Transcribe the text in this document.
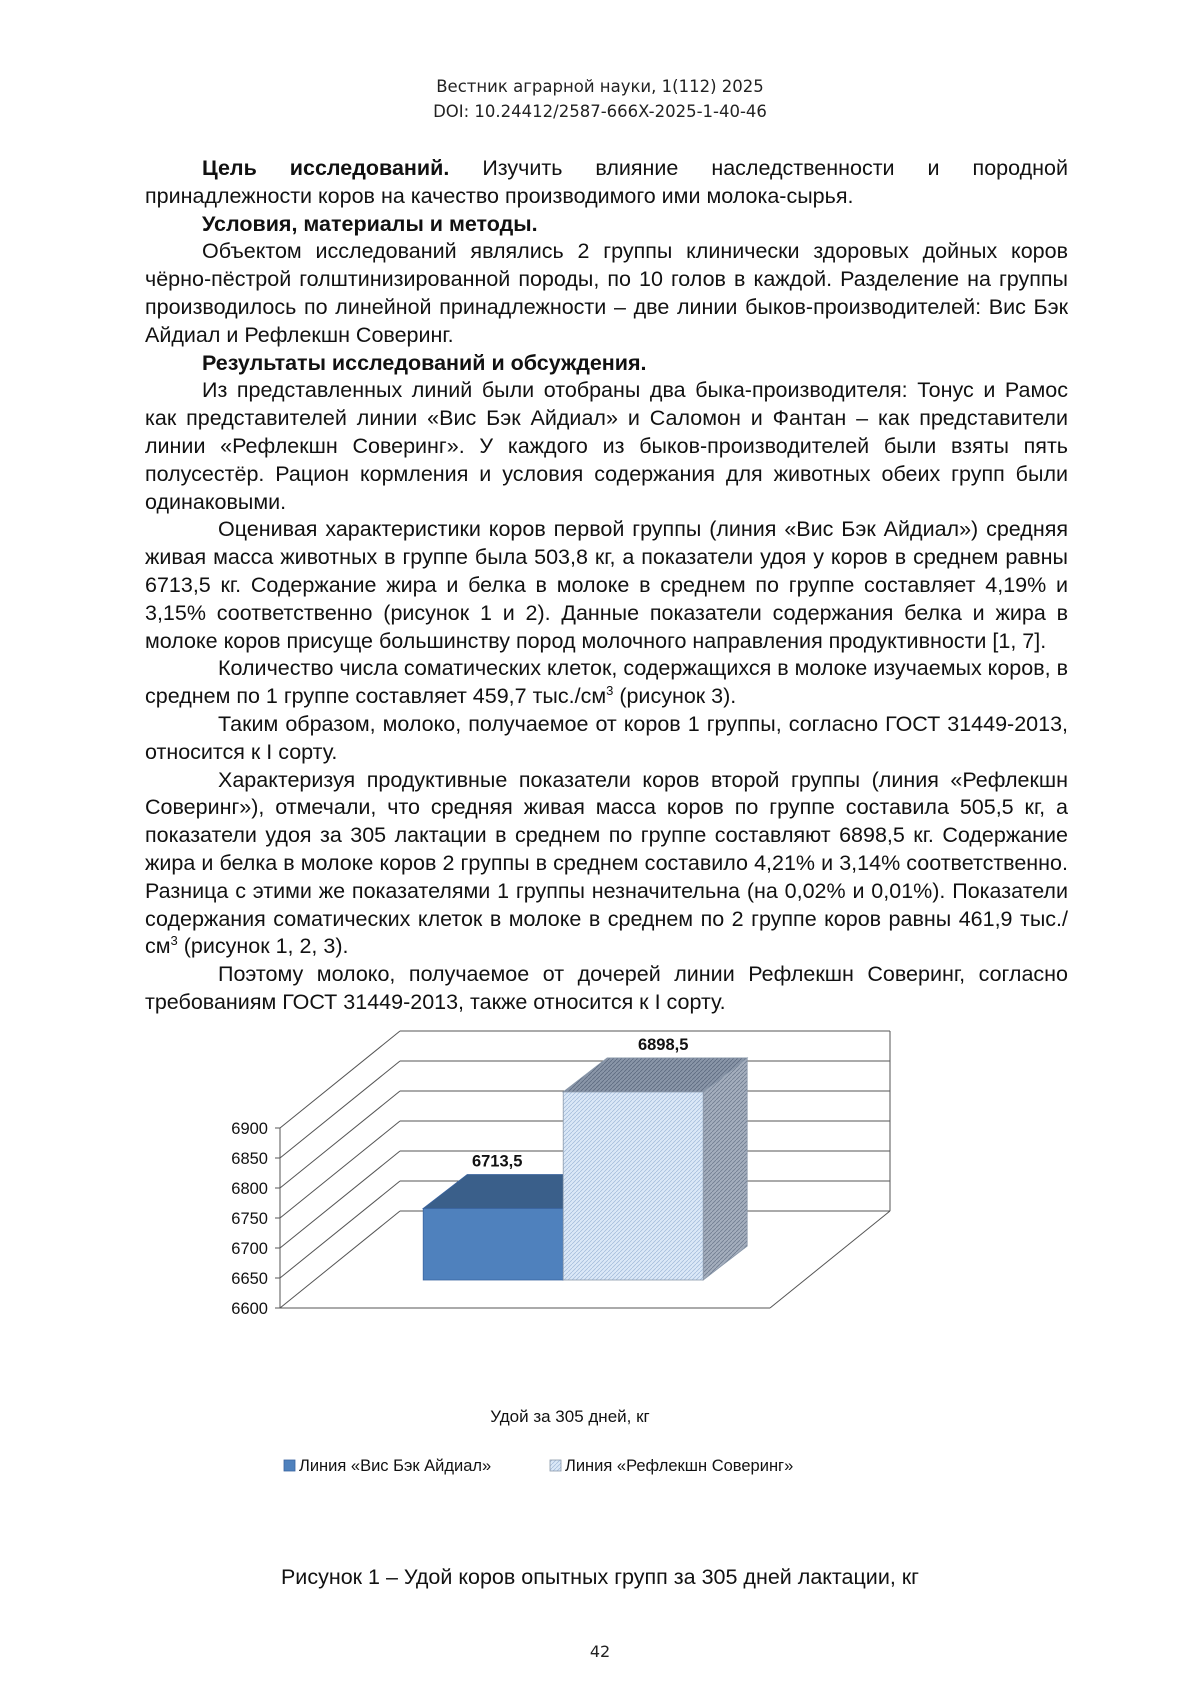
Вестник аграрной науки, 1(112) 2025
DOI: 10.24412/2587-666X-2025-1-40-46

Цель исследований. Изучить влияние наследственности и породной принадлежности коров на качество производимого ими молока-сырья.

Условия, материалы и методы.

Объектом исследований являлись 2 группы клинически здоровых дойных коров чёрно-пёстрой голштинизированной породы, по 10 голов в каждой. Разделение на группы производилось по линейной принадлежности – две линии быков-производителей: Вис Бэк Айдиал и Рефлекшн Соверинг.

Результаты исследований и обсуждения.

Из представленных линий были отобраны два быка-производителя: Тонус и Рамос как представителей линии «Вис Бэк Айдиал» и Саломон и Фантан – как представители линии «Рефлекшн Соверинг». У каждого из быков-производителей были взяты пять полусестёр. Рацион кормления и условия содержания для животных обеих групп были одинаковыми.

Оценивая характеристики коров первой группы (линия «Вис Бэк Айдиал») средняя живая масса животных в группе была 503,8 кг, а показатели удоя у коров в среднем равны 6713,5 кг. Содержание жира и белка в молоке в среднем по группе составляет 4,19% и 3,15% соответственно (рисунок 1 и 2). Данные показатели содержания белка и жира в молоке коров присуще большинству пород молочного направления продуктивности [1, 7].

Количество числа соматических клеток, содержащихся в молоке изучаемых коров, в среднем по 1 группе составляет 459,7 $тыс./см^3$ (рисунок 3).

Таким образом, молоко, получаемое от коров 1 группы, согласно ГОСТ 31449-2013, относится к I сорту.

Характеризуя продуктивные показатели коров второй группы (линия «Рефлекшн Соверинг»), отмечали, что средняя живая масса коров по группе составила 505,5 кг, а показатели удоя за 305 лактации в среднем по группе составляют 6898,5 кг. Содержание жира и белка в молоке коров 2 группы в среднем составило 4,21% и 3,14% соответственно. Разница с этими же показателями 1 группы незначительна (на 0,02% и 0,01%). Показатели содержания соматических клеток в молоке в среднем по 2 группе коров равны 461,9 $тыс./см^3$ (рисунок 1, 2, 3).

Поэтому молоко, получаемое от дочерей линии Рефлекшн Соверинг, согласно требованиям ГОСТ 31449-2013, также относится к I сорту.

6600
6650
6700
6750
6800
6850
6900
6713,5
6898,5
Удой за 305 дней, кг
Линия «Вис Бэк Айдиал»	Линия «Рефлекшн Соверинг»
Рисунок 1 – Удой коров опытных групп за 305 дней лактации, кг
42
